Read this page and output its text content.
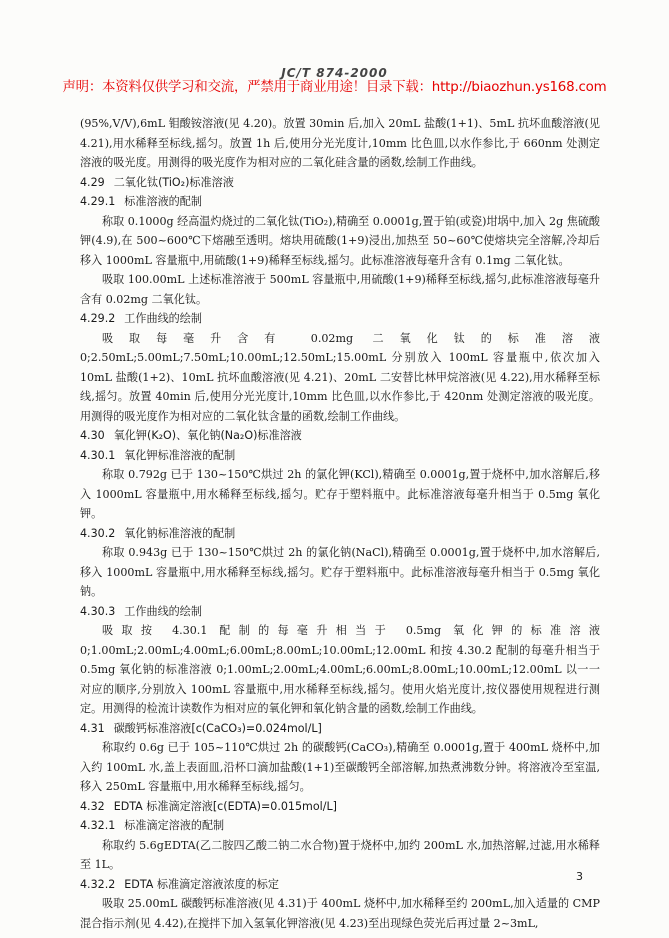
JC/T 874-2000
声明：本资料仅供学习和交流，严禁用于商业用途！目录下载：http://biaozhun.ys168.com

(95%,V/V),6mL 钼酸铵溶液(见 4.20)。放置 30min 后,加入 20mL 盐酸(1+1)、5mL 抗坏血酸溶液(见 4.21),用水稀释至标线,摇匀。放置 1h 后,使用分光光度计,10mm 比色皿,以水作参比,于 660nm 处测定溶液的吸光度。用测得的吸光度作为相对应的二氧化硅含量的函数,绘制工作曲线。

4.29 二氧化钛(TiO₂)标准溶液

4.29.1 标准溶液的配制

称取 0.1000g 经高温灼烧过的二氧化钛(TiO₂),精确至 0.0001g,置于铂(或瓷)坩埚中,加入 2g 焦硫酸钾(4.9),在 500~600℃下熔融至透明。熔块用硫酸(1+9)浸出,加热至 50~60℃使熔块完全溶解,冷却后移入 1000mL 容量瓶中,用硫酸(1+9)稀释至标线,摇匀。此标准溶液每毫升含有 0.1mg 二氧化钛。

吸取 100.00mL 上述标准溶液于 500mL 容量瓶中,用硫酸(1+9)稀释至标线,摇匀,此标准溶液每毫升含有 0.02mg 二氧化钛。

4.29.2 工作曲线的绘制

吸取每毫升含有 0.02mg 二氧化钛的标准溶液 0;2.50mL;5.00mL;7.50mL;10.00mL;12.50mL;15.00mL 分别放入 100mL 容量瓶中,依次加入 10mL 盐酸(1+2)、10mL 抗坏血酸溶液(见 4.21)、20mL 二安替比林甲烷溶液(见 4.22),用水稀释至标线,摇匀。放置 40min 后,使用分光光度计,10mm 比色皿,以水作参比,于 420nm 处测定溶液的吸光度。用测得的吸光度作为相对应的二氧化钛含量的函数,绘制工作曲线。

4.30 氧化钾(K₂O)、氧化钠(Na₂O)标准溶液

4.30.1 氧化钾标准溶液的配制

称取 0.792g 已于 130~150℃烘过 2h 的氯化钾(KCl),精确至 0.0001g,置于烧杯中,加水溶解后,移入 1000mL 容量瓶中,用水稀释至标线,摇匀。贮存于塑料瓶中。此标准溶液每毫升相当于 0.5mg 氧化钾。

4.30.2 氧化钠标准溶液的配制

称取 0.943g 已于 130~150℃烘过 2h 的氯化钠(NaCl),精确至 0.0001g,置于烧杯中,加水溶解后,移入 1000mL 容量瓶中,用水稀释至标线,摇匀。贮存于塑料瓶中。此标准溶液每毫升相当于 0.5mg 氧化钠。

4.30.3 工作曲线的绘制

吸取按 4.30.1 配制的每毫升相当于 0.5mg 氧化钾的标准溶液 0;1.00mL;2.00mL;4.00mL;6.00mL;8.00mL;10.00mL;12.00mL 和按 4.30.2 配制的每毫升相当于 0.5mg 氧化钠的标准溶液 0;1.00mL;2.00mL;4.00mL;6.00mL;8.00mL;10.00mL;12.00mL 以一一对应的顺序,分别放入 100mL 容量瓶中,用水稀释至标线,摇匀。使用火焰光度计,按仪器使用规程进行测定。用测得的检流计读数作为相对应的氧化钾和氧化钠含量的函数,绘制工作曲线。

4.31 碳酸钙标准溶液[c(CaCO₃)=0.024mol/L]

称取约 0.6g 已于 105~110℃烘过 2h 的碳酸钙(CaCO₃),精确至 0.0001g,置于 400mL 烧杯中,加入约 100mL 水,盖上表面皿,沿杯口滴加盐酸(1+1)至碳酸钙全部溶解,加热煮沸数分钟。将溶液冷至室温,移入 250mL 容量瓶中,用水稀释至标线,摇匀。

4.32 EDTA 标准滴定溶液[c(EDTA)=0.015mol/L]

4.32.1 标准滴定溶液的配制

称取约 5.6gEDTA(乙二胺四乙酸二钠二水合物)置于烧杯中,加约 200mL 水,加热溶解,过滤,用水稀释至 1L。

4.32.2 EDTA 标准滴定溶液浓度的标定

吸取 25.00mL 碳酸钙标准溶液(见 4.31)于 400mL 烧杯中,加水稀释至约 200mL,加入适量的 CMP 混合指示剂(见 4.42),在搅拌下加入氢氧化钾溶液(见 4.23)至出现绿色荧光后再过量 2~3mL,

3
